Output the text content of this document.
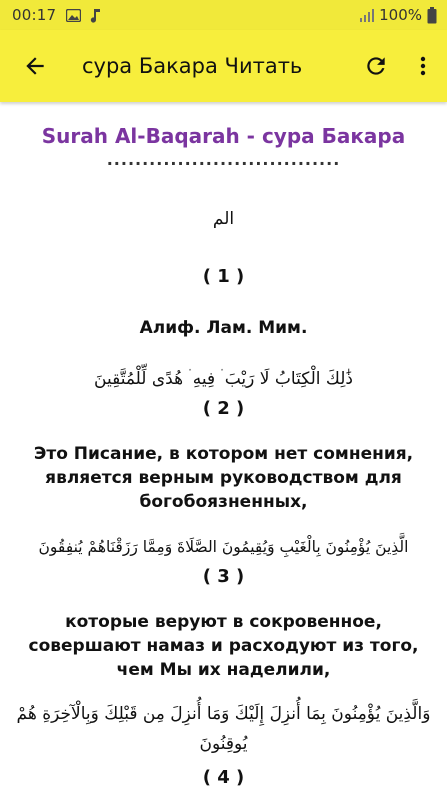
00:17	100%
сура Бакара Читать
Surah Al-Baqarah - сура Бакара
.................................
الم
( 1 )
Алиф. Лам. Мим.
ذَٰلِكَ الْكِتَابُ لَا رَيْبَ ۛ فِيهِ ۛ هُدًى لِّلْمُتَّقِينَ
( 2 )
Это Писание, в котором нет сомнения, является верным руководством для богобоязненных,
الَّذِينَ يُؤْمِنُونَ بِالْغَيْبِ وَيُقِيمُونَ الصَّلَاةَ وَمِمَّا رَزَقْنَاهُمْ يُنفِقُونَ
( 3 )
которые веруют в сокровенное, совершают намаз и расходуют из того, чем Мы их наделили,
وَالَّذِينَ يُؤْمِنُونَ بِمَا أُنزِلَ إِلَيْكَ وَمَا أُنزِلَ مِن قَبْلِكَ وَبِالْآخِرَةِ هُمْ يُوقِنُونَ
( 4 )
